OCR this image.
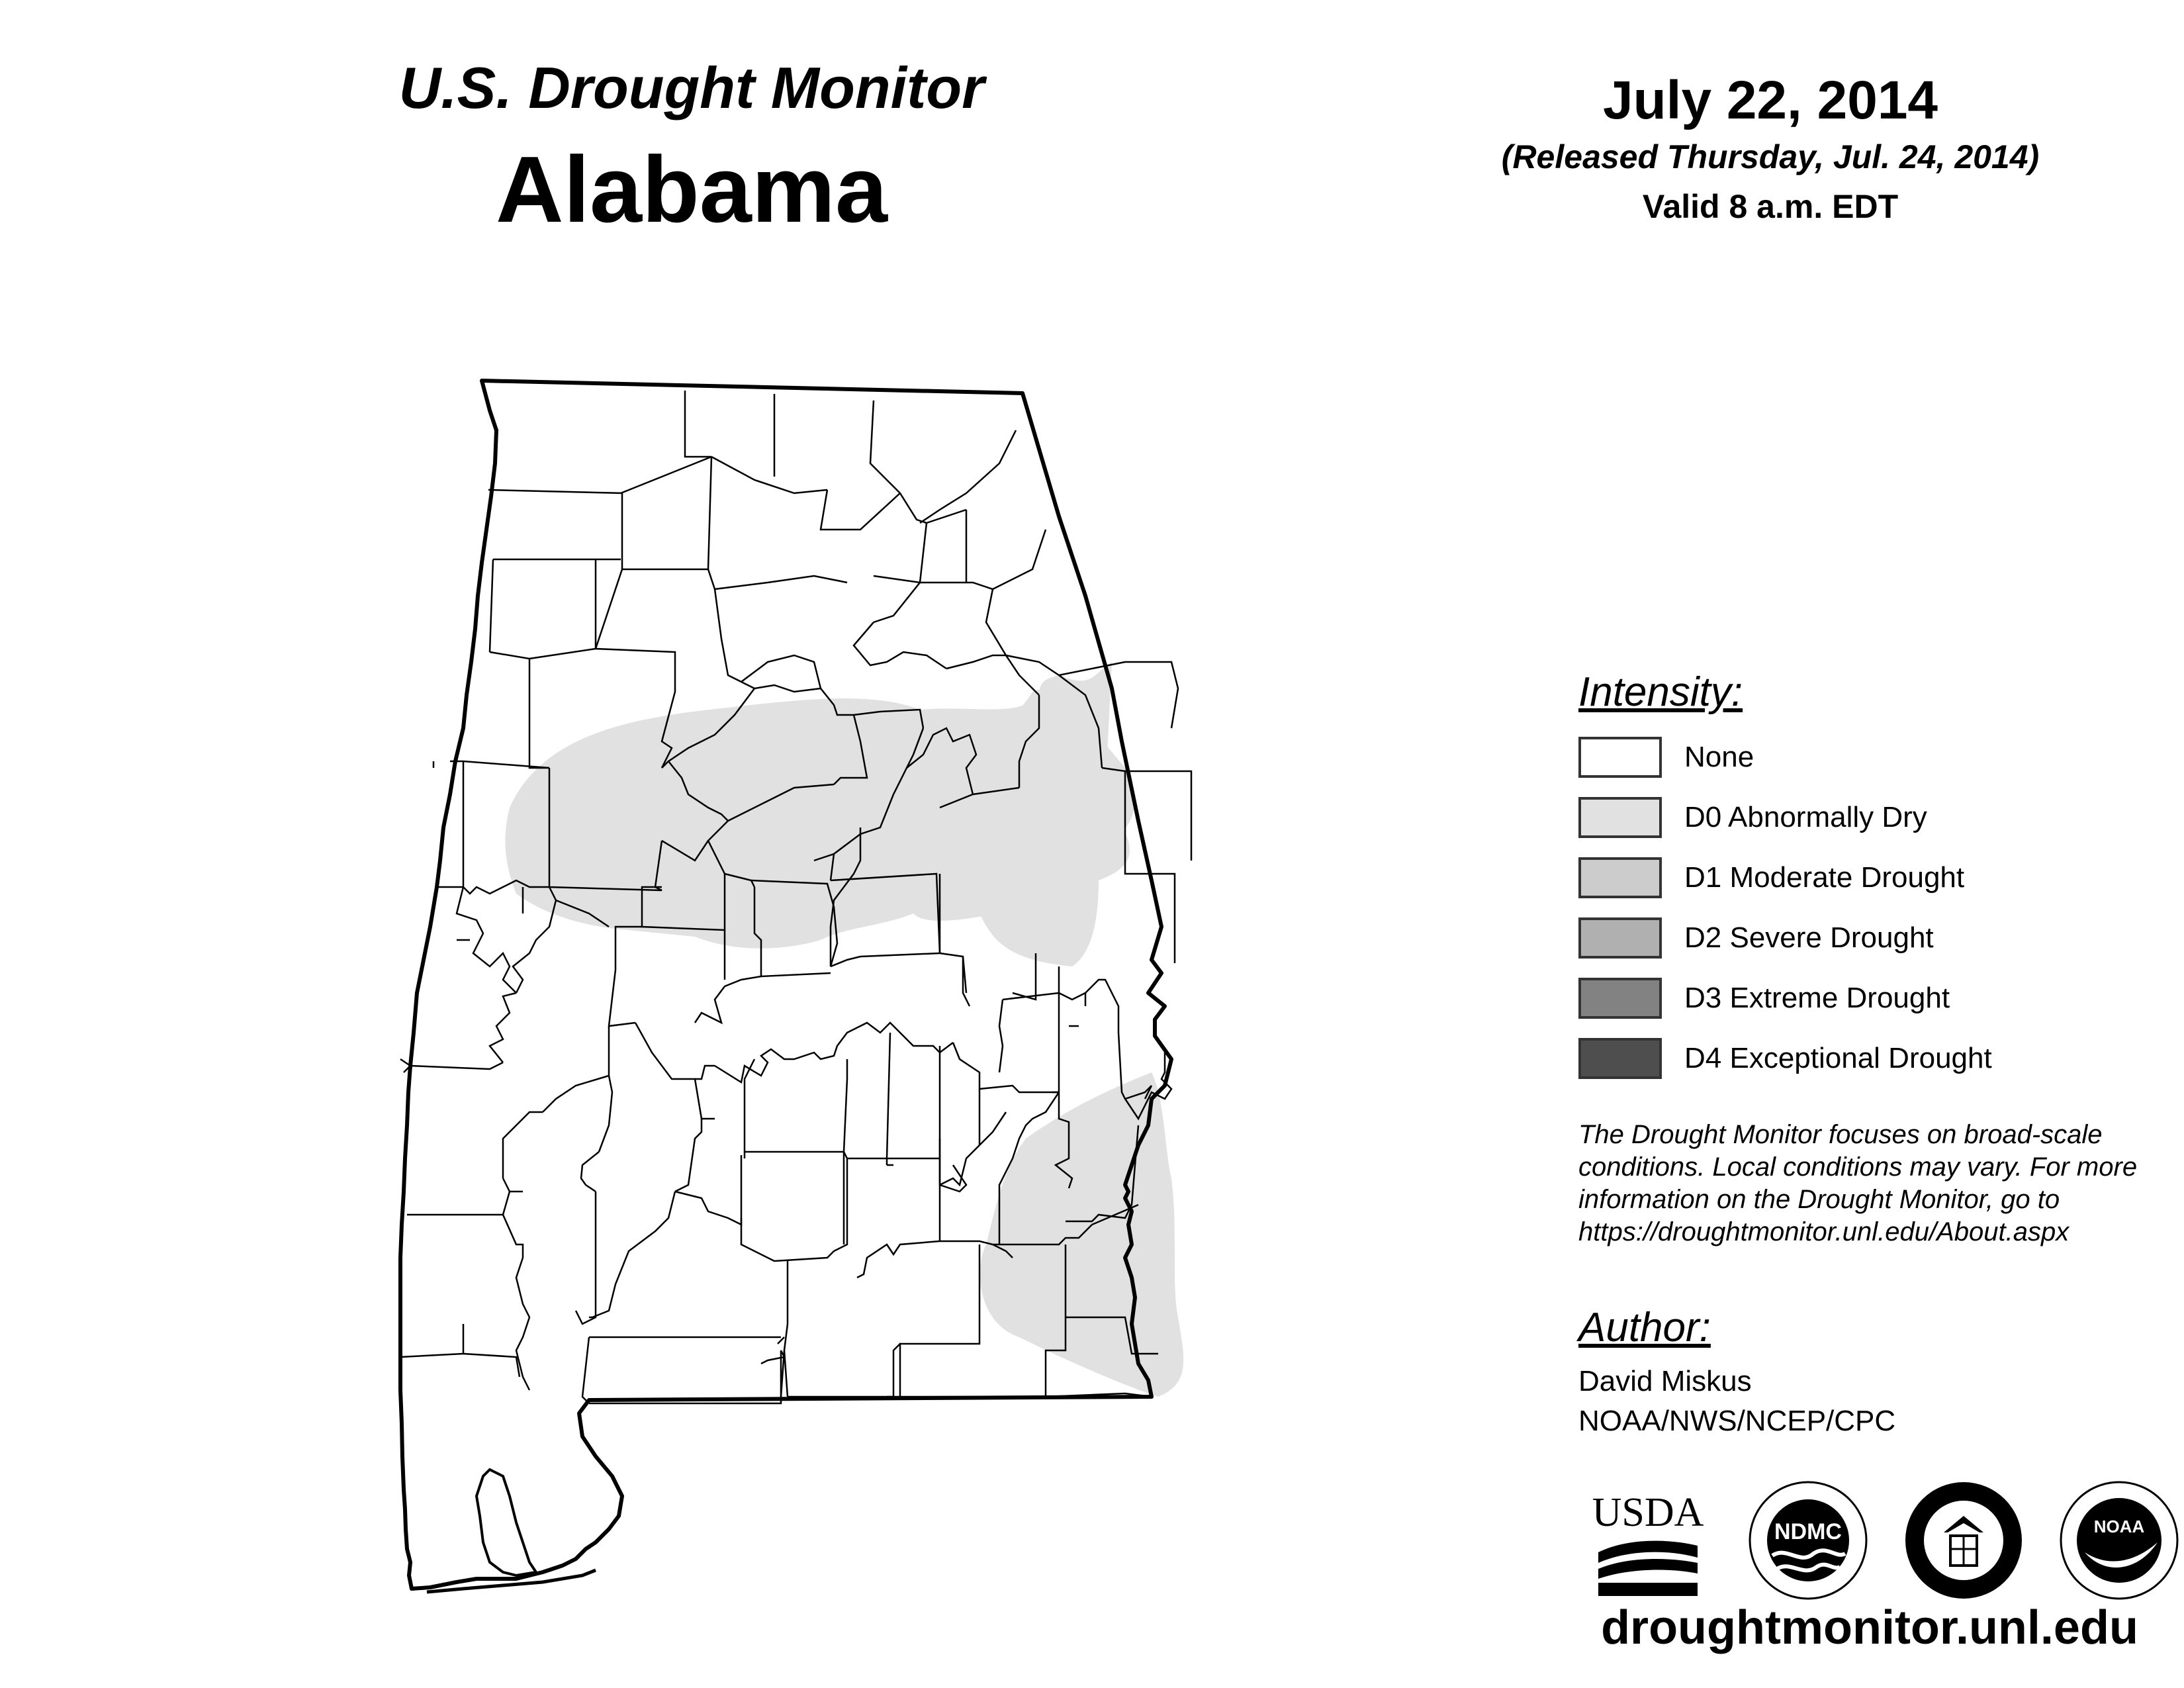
U.S. Drought Monitor
Alabama
July 22, 2014
(Released Thursday, Jul. 24, 2014)
Valid 8 a.m. EDT
Intensity:
None
D0 Abnormally Dry
D1 Moderate Drought
D2 Severe Drought
D3 Extreme Drought
D4 Exceptional Drought
The Drought Monitor focuses on broad-scale conditions. Local conditions may vary. For more information on the Drought Monitor, go to https://droughtmonitor.unl.edu/About.aspx
Author:
David Miskus
NOAA/NWS/NCEP/CPC
USDA	NDMC	NOAA
droughtmonitor.unl.edu
